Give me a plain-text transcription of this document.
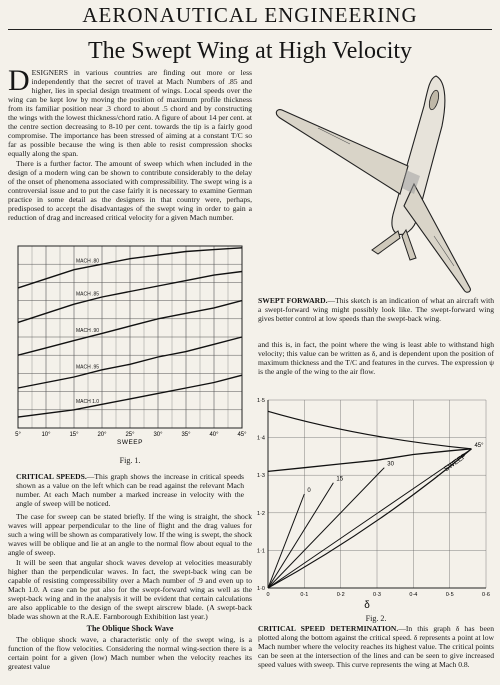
AERONAUTICAL ENGINEERING
The Swept Wing at High Velocity

DESIGNERS in various countries are finding out more or less independently that the secret of travel at Mach Numbers of .85 and higher, lies in special design treatment of wings. Local speeds over the wing can be kept low by moving the position of maximum profile thickness from its familiar position near .3 chord to about .5 chord and by constructing the wings with the lowest thickness/chord ratio. A figure of about 14 per cent. at the centre section decreasing to 8-10 per cent. towards the tip is a fairly good compromise. The importance has been stressed of aiming at a constant T/C so far as possible because the wing is then able to resist compression shocks equally along the span.

There is a further factor. The amount of sweep which when included in the design of a modern wing can be shown to contribute considerably to the delay of the onset of phenomena associated with compressibility. The swept wing is a controversial issue and to put the case fairly it is necessary to examine German practice in some detail as the designers in that country were, perhaps, predisposed to accept the disadvantages of the swept wing in order to gain a reduction of drag and increased critical velocity for a given Mach number.

SWEPT FORWARD.—This sketch is an indication of what an aircraft with a swept-forward wing might possibly look like. The swept-forward wing gives better control at low speeds than the swept-back wing.

and this is, in fact, the point where the wing is least able to withstand high velocity; this value can be written as δ, and is dependent upon the position of maximum thickness and the T/C and features in the curves. The expression ψ is the angle of the wing to the air flow.

MACH 1.0
MACH .95
MACH .90
MACH .85
MACH .80
5°	10°	15°	20°	25°	30°	35°	40°	45°
SWEEP
Fig. 1.
CRITICAL SPEEDS.—This graph shows the increase in critical speeds shown as a value on the left which can be read against the relevant Mach number. At each Mach number a marked increase in velocity with the angle of sweep will be noticed.

The case for sweep can be stated briefly. If the wing is straight, the shock waves will appear perpendicular to the line of flight and the drag values for such a wing will be shown as comparatively low. If the wing is swept, the shock waves will be oblique and lie at an angle to the normal flow about equal to the angle of sweep.

It will be seen that angular shock waves develop at velocities measurably higher than the perpendicular waves. In fact, the swept-back wing can be capable of resisting compressibility over a Mach number of .9 and even up to Mach 1.0. A case can be put also for the swept-forward wing as well as the swept-back wing and in the analysis it will be evident that certain calculations are also applicable to the design of the swept airscrew blade. (A swept-back blade was shown at the R.A.E. Farnborough Exhibition last year.)

The Oblique Shock Wave

The oblique shock wave, a characteristic only of the swept wing, is a function of the flow velocities. Considering the normal wing-section there is a certain point for a given (low) Mach number when the velocity reaches its greatest value

45°
30
15
0
SWEEP
1·0
1·1
1·2
1·3
1·4
1·5
0	0·1	0·2	0·3	0·4	0·5	0·6
δ
Fig. 2.
CRITICAL SPEED DETERMINATION.—In this graph δ has been plotted along the bottom against the critical speed. δ represents a point at low Mach number where the velocity reaches its highest value. The critical points can be seen at the intersection of the lines and can be seen to give increased speed values with sweep. This curve represents the wing at Mach 0.8.
